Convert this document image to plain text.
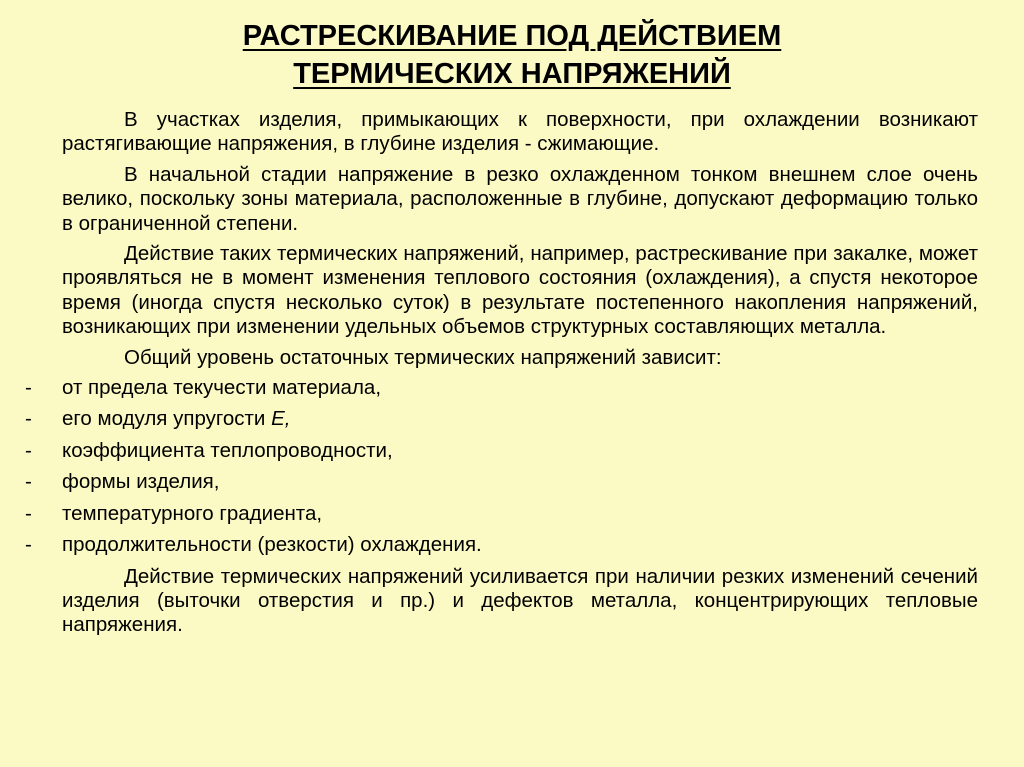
РАСТРЕСКИВАНИЕ ПОД ДЕЙСТВИЕМ
ТЕРМИЧЕСКИХ НАПРЯЖЕНИЙ

В участках изделия, примыкающих к поверхности, при охлаждении возникают растягивающие напряжения, в глубине изделия - сжимающие.

В начальной стадии напряжение в резко охлажденном тонком внешнем слое очень велико, поскольку зоны материала, расположенные в глубине, допускают деформацию только в ограниченной степени.

Действие таких термических напряжений, например, растрескивание при закалке, может проявляться не в момент изменения теплового состояния (охлаждения), а спустя некоторое время (иногда спустя несколько суток) в результате постепенного накопления напряжений, возникающих при изменении удельных объемов структурных составляющих металла.

Общий уровень остаточных термических напряжений зависит:

- от предела текучести материала,
- его модуля упругости Е,
- коэффициента теплопроводности,
- формы изделия,
- температурного градиента,
- продолжительности (резкости) охлаждения.

Действие термических напряжений усиливается при наличии резких изменений сечений изделия (выточки отверстия и пр.) и дефектов металла, концентрирующих тепловые напряжения.
